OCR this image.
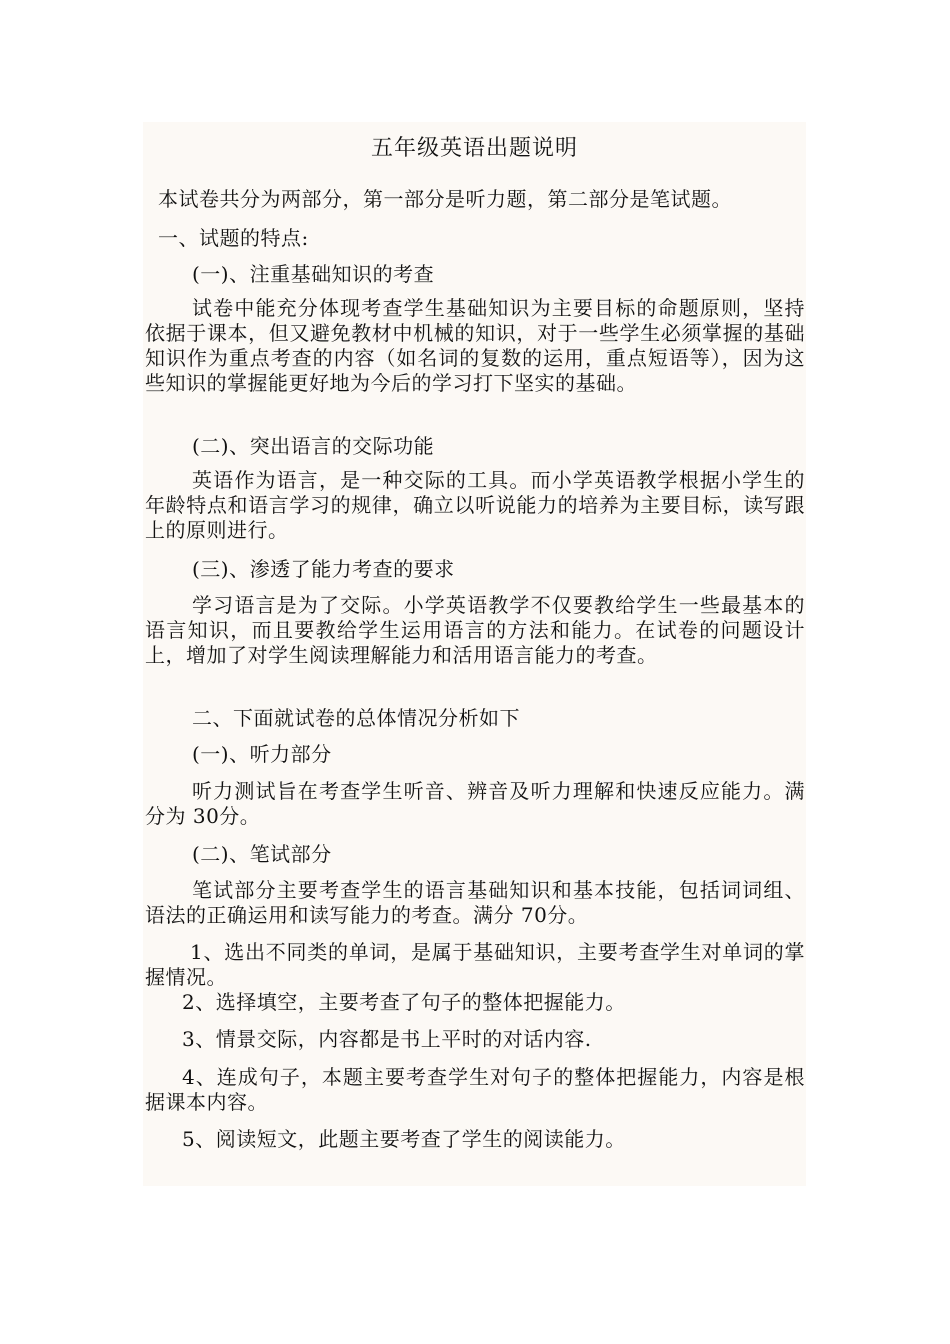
五年级英语出题说明
本试卷共分为两部分，第一部分是听力题，第二部分是笔试题。
一、试题的特点:
(一)、注重基础知识的考查

试卷中能充分体现考查学生基础知识为主要目标的命题原则，坚持依据于课本，但又避免教材中机械的知识，对于一些学生必须掌握的基础知识作为重点考查的内容（如名词的复数的运用，重点短语等），因为这些知识的掌握能更好地为今后的学习打下坚实的基础。

(二)、突出语言的交际功能

英语作为语言，是一种交际的工具。而小学英语教学根据小学生的年龄特点和语言学习的规律，确立以听说能力的培养为主要目标，读写跟上的原则进行。

(三)、渗透了能力考查的要求

学习语言是为了交际。小学英语教学不仅要教给学生一些最基本的语言知识，而且要教给学生运用语言的方法和能力。在试卷的问题设计上，增加了对学生阅读理解能力和活用语言能力的考查。

二、下面就试卷的总体情况分析如下
(一)、听力部分

听力测试旨在考查学生听音、辨音及听力理解和快速反应能力。满分为 30分。

(二)、笔试部分

笔试部分主要考查学生的语言基础知识和基本技能，包括词词组、语法的正确运用和读写能力的考查。满分 70分。

1、选出不同类的单词，是属于基础知识，主要考查学生对单词的掌握情况。

2、选择填空，主要考查了句子的整体把握能力。
3、情景交际，内容都是书上平时的对话内容.

4、连成句子，本题主要考查学生对句子的整体把握能力，内容是根据课本内容。

5、阅读短文，此题主要考查了学生的阅读能力。
